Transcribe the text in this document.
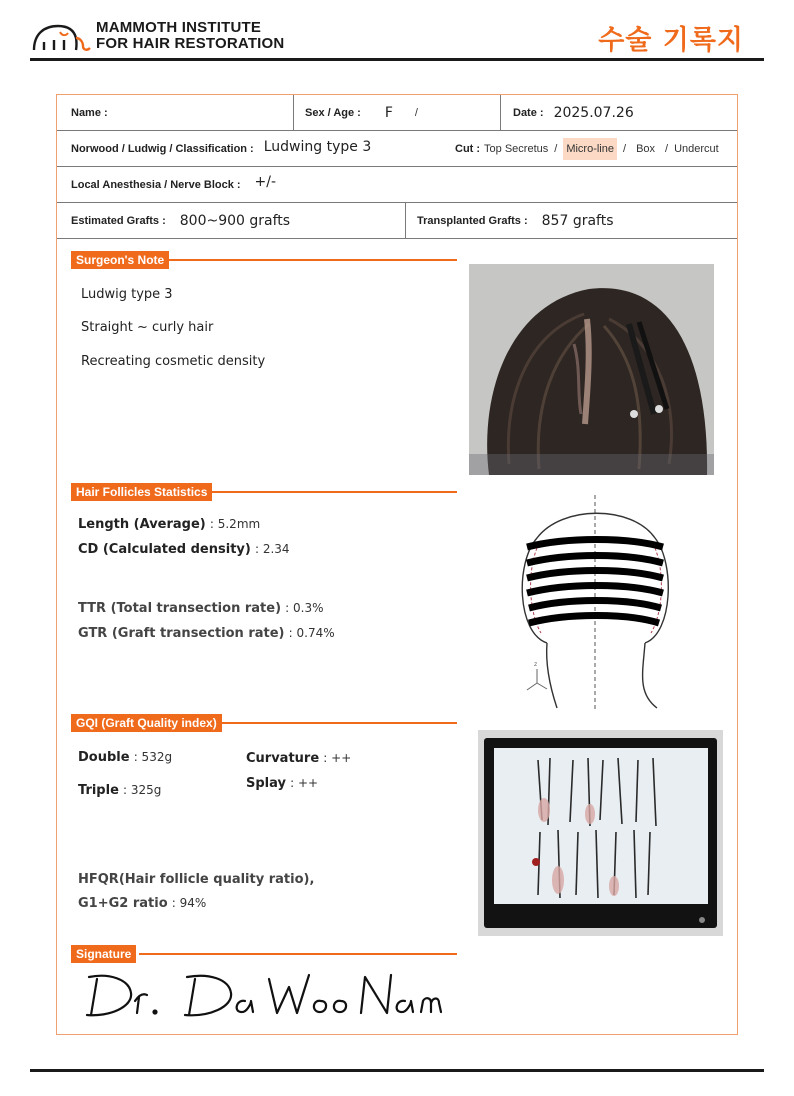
MAMMOTH INSTITUTE
FOR HAIR RESTORATION	수술 기록지
Name :	Sex / Age : F /	Date : 2025.07.26
Norwood / Ludwig / Classification : Ludwing type 3	Cut : Top Secretus / Micro-line / Box / Undercut
Local Anesthesia / Nerve Block : +/-
Estimated Grafts : 800~900 grafts	Transplanted Grafts : 857 grafts
Surgeon's Note
Ludwig type 3
Straight ~ curly hair
Recreating cosmetic density
Hair Follicles Statistics
Length (Average) : 5.2mm
CD (Calculated density) : 2.34
TTR (Total transection rate) : 0.3%
GTR (Graft transection rate) : 0.74%
z
GQI (Graft Quality index)
Double : 532g
Triple : 325g
Curvature : ++
Splay : ++
HFQR(Hair follicle quality ratio),
G1+G2 ratio : 94%
Signature
